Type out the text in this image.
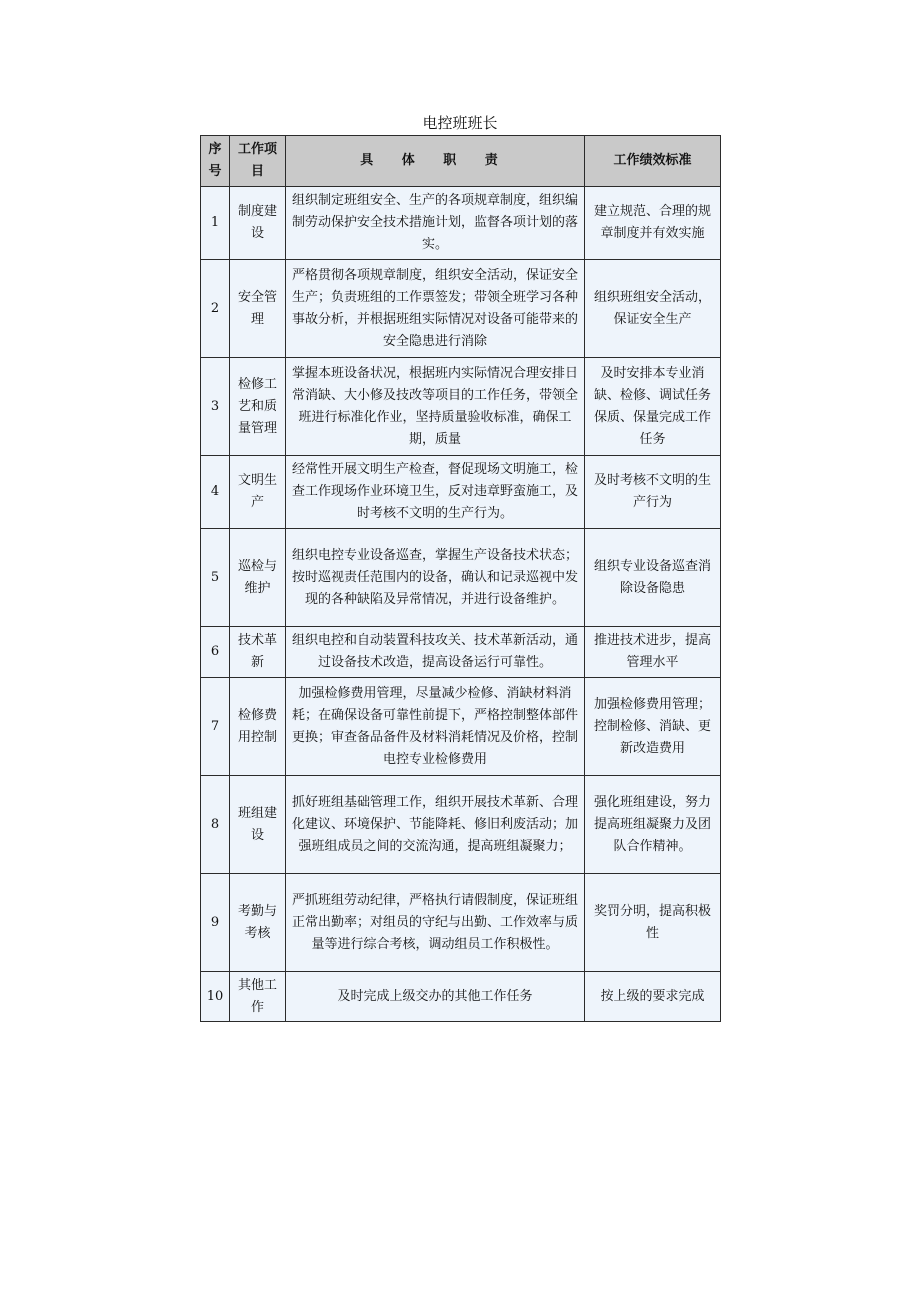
电控班班长
序号	工作项目	具 体 职 责	工作绩效标准
1	制度建设	组织制定班组安全、生产的各项规章制度，组织编制劳动保护安全技术措施计划，监督各项计划的落实。	建立规范、合理的规章制度并有效实施
2	安全管理	严格贯彻各项规章制度，组织安全活动，保证安全生产；负责班组的工作票签发；带领全班学习各种事故分析，并根据班组实际情况对设备可能带来的安全隐患进行消除	组织班组安全活动，保证安全生产
3	检修工艺和质量管理	掌握本班设备状况，根据班内实际情况合理安排日常消缺、大小修及技改等项目的工作任务，带领全班进行标准化作业，坚持质量验收标准，确保工期，质量	及时安排本专业消缺、检修、调试任务保质、保量完成工作任务
4	文明生产	经常性开展文明生产检查，督促现场文明施工，检查工作现场作业环境卫生，反对违章野蛮施工，及时考核不文明的生产行为。	及时考核不文明的生产行为
5	巡检与维护	组织电控专业设备巡查，掌握生产设备技术状态；按时巡视责任范围内的设备，确认和记录巡视中发现的各种缺陷及异常情况，并进行设备维护。	组织专业设备巡查消除设备隐患
6	技术革新	组织电控和自动装置科技攻关、技术革新活动，通过设备技术改造，提高设备运行可靠性。	推进技术进步，提高管理水平
7	检修费用控制	加强检修费用管理，尽量减少检修、消缺材料消耗；在确保设备可靠性前提下，严格控制整体部件更换；审查备品备件及材料消耗情况及价格，控制电控专业检修费用	加强检修费用管理；控制检修、消缺、更新改造费用
8	班组建设	抓好班组基础管理工作，组织开展技术革新、合理化建议、环境保护、节能降耗、修旧利废活动；加强班组成员之间的交流沟通，提高班组凝聚力；	强化班组建设，努力提高班组凝聚力及团队合作精神。
9	考勤与考核	严抓班组劳动纪律，严格执行请假制度，保证班组正常出勤率；对组员的守纪与出勤、工作效率与质量等进行综合考核，调动组员工作积极性。	奖罚分明，提高积极性
10	其他工作	及时完成上级交办的其他工作任务	按上级的要求完成
